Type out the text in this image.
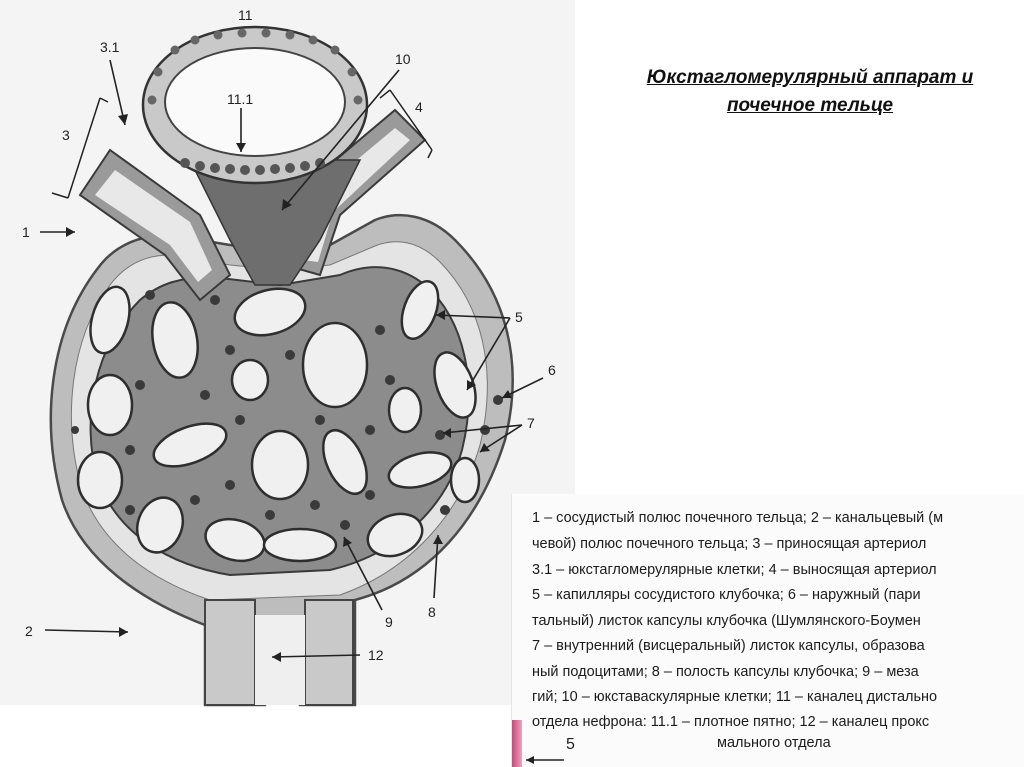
1
2
3
3.1
4
5
6
7
8
9
10
11
11.1
12
Юкстагломерулярный аппарат и
почечное тельце
1 – сосудистый полюс почечного тельца; 2 – канальцевый (м
чевой) полюс почечного тельца; 3 – приносящая артериол
3.1 – юкстагломерулярные клетки; 4 – выносящая артериол
5 – капилляры сосудистого клубочка; 6 – наружный (пари
тальный) листок капсулы клубочка (Шумлянского-Боумен
7 – внутренний (висцеральный) листок капсулы, образова
ный подоцитами; 8 – полость капсулы клубочка; 9 – меза
гий; 10 – юкставаскулярные клетки; 11 – каналец дистально
отдела нефрона: 11.1 – плотное пятно; 12 – каналец прокс
мального отдела
5
